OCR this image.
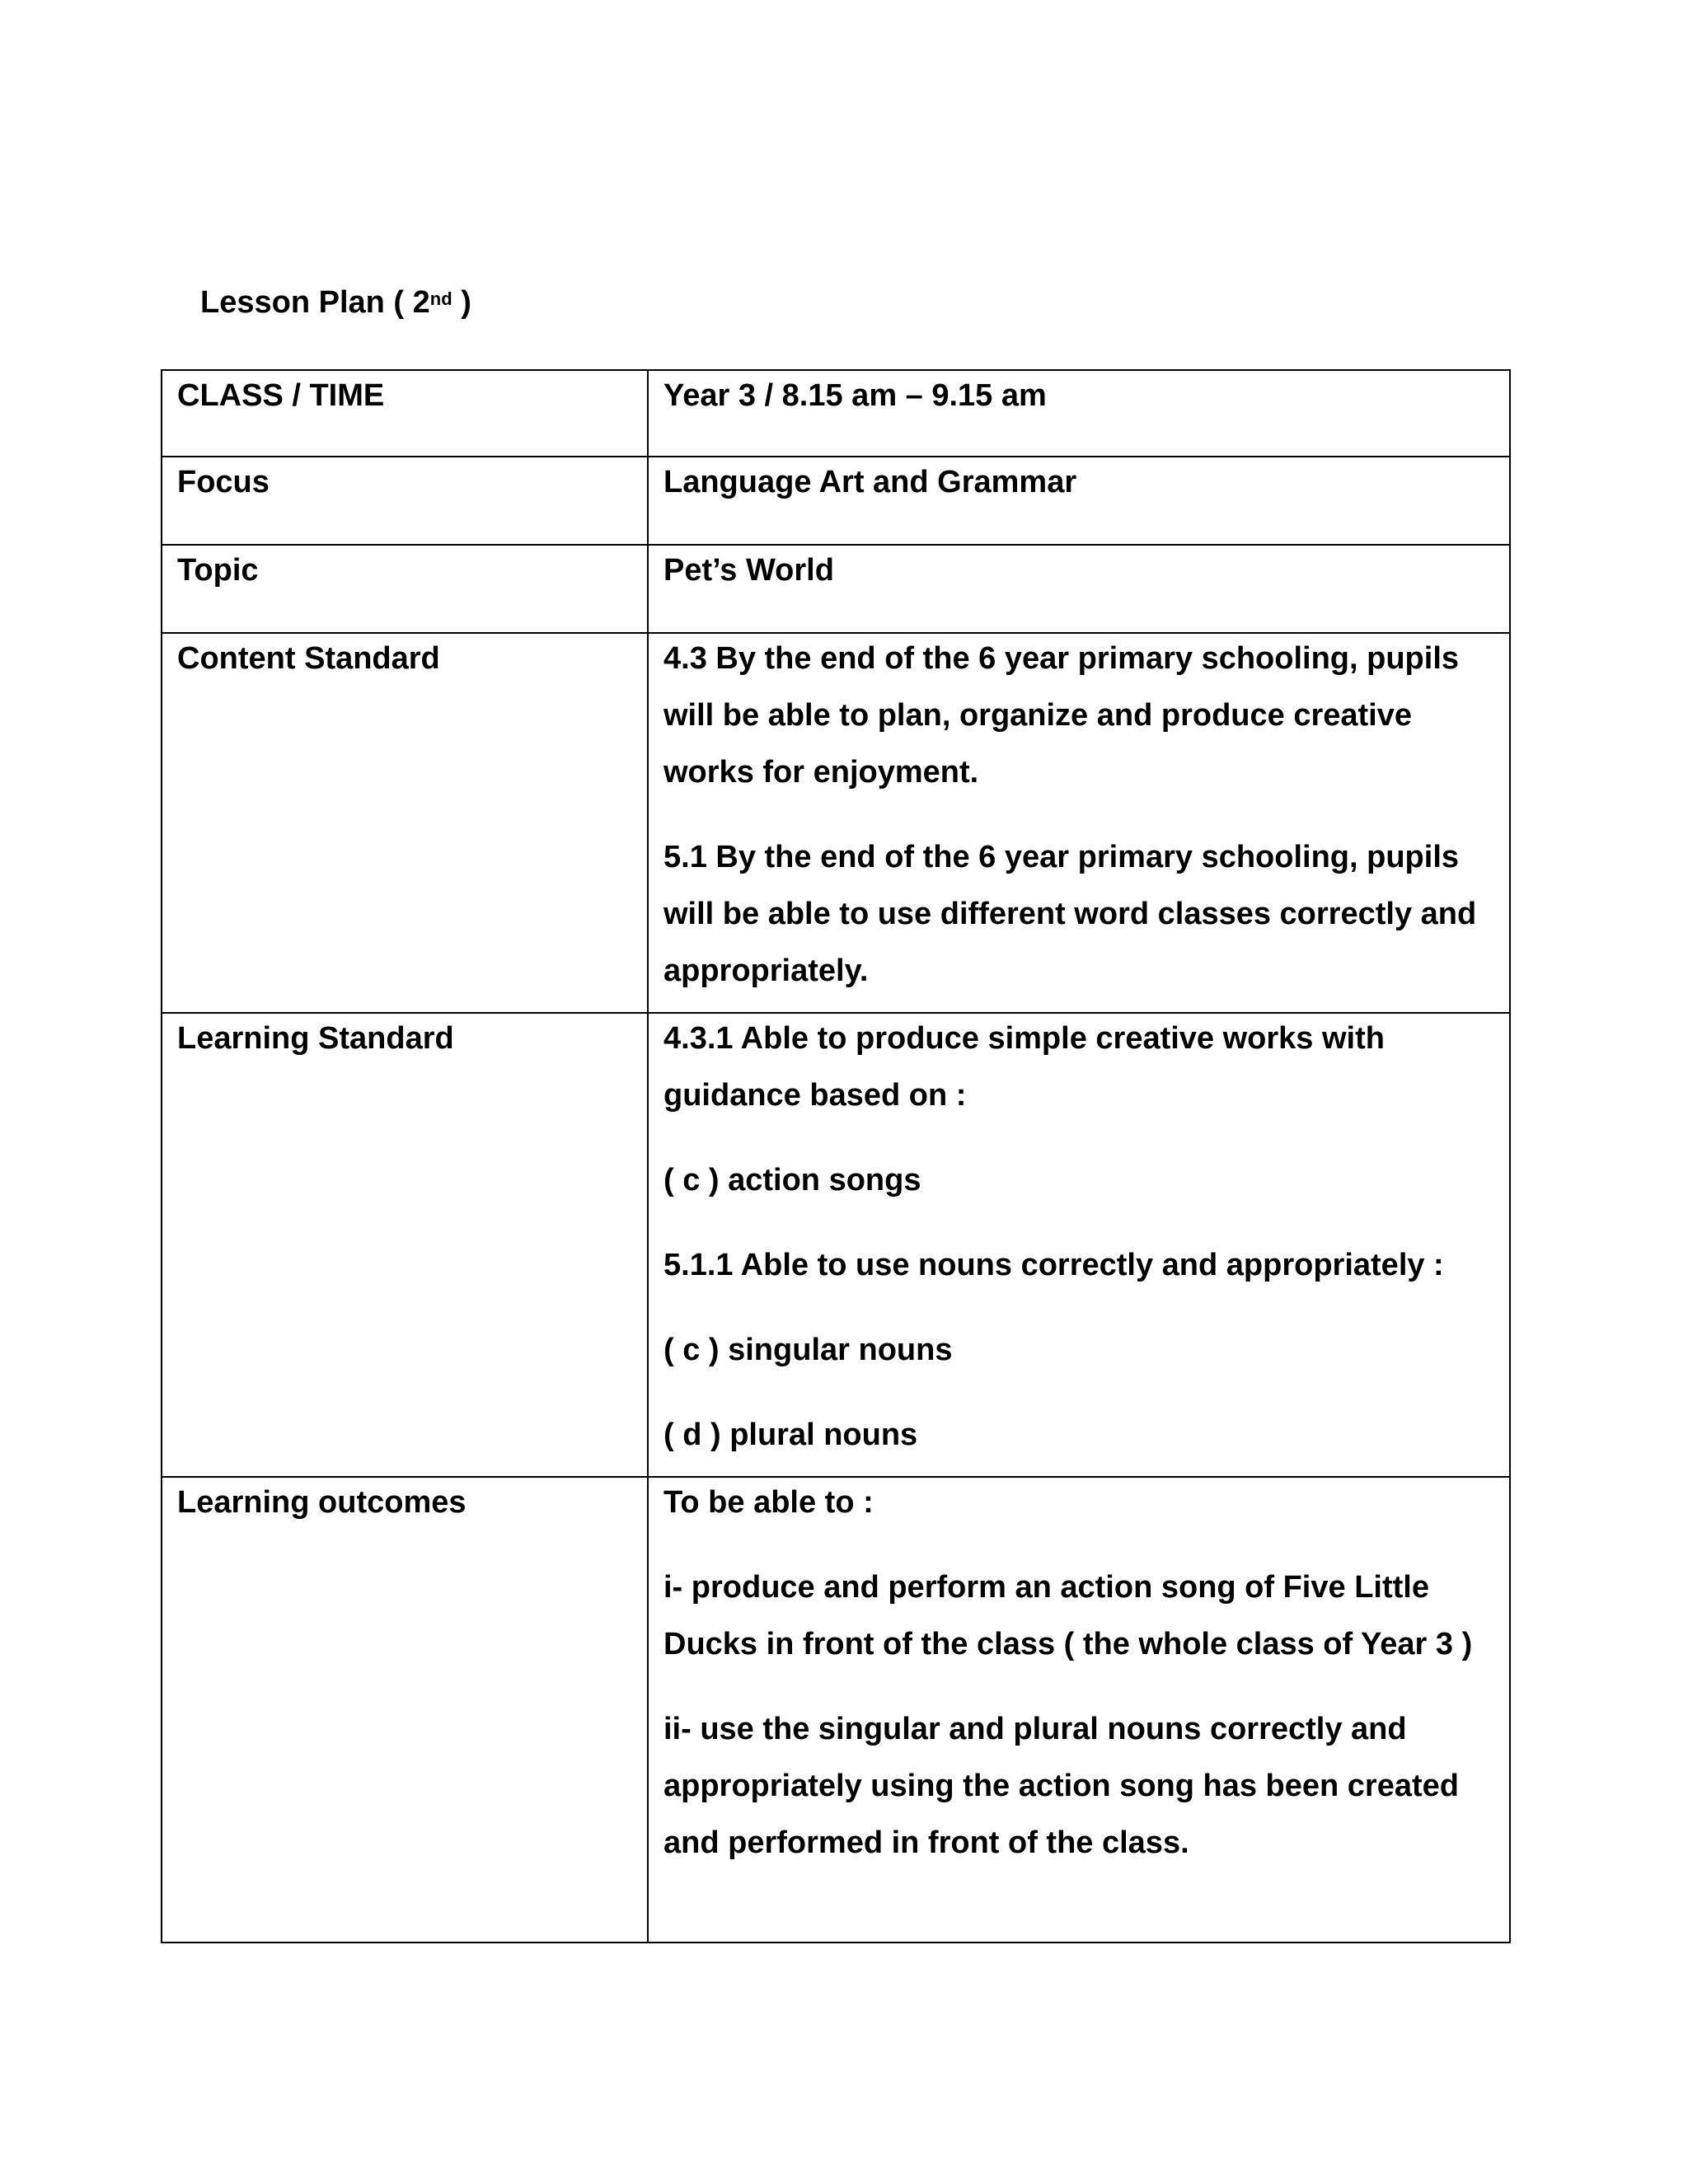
Lesson Plan ( 2nd )
CLASS / TIME	Year 3 / 8.15 am – 9.15 am

Focus	Language Art and Grammar

Topic	Pet’s World

Content Standard	4.3 By the end of the 6 year primary schooling, pupils will be able to plan, organize and produce creative works for enjoyment.
5.1 By the end of the 6 year primary schooling, pupils will be able to use different word classes correctly and appropriately.

Learning Standard	4.3.1 Able to produce simple creative works with guidance based on :
( c ) action songs
5.1.1 Able to use nouns correctly and appropriately :
( c ) singular nouns
( d ) plural nouns

Learning outcomes	To be able to :
i- produce and perform an action song of Five Little Ducks in front of the class ( the whole class of Year 3 )
ii- use the singular and plural nouns correctly and appropriately using the action song has been created and performed in front of the class.
